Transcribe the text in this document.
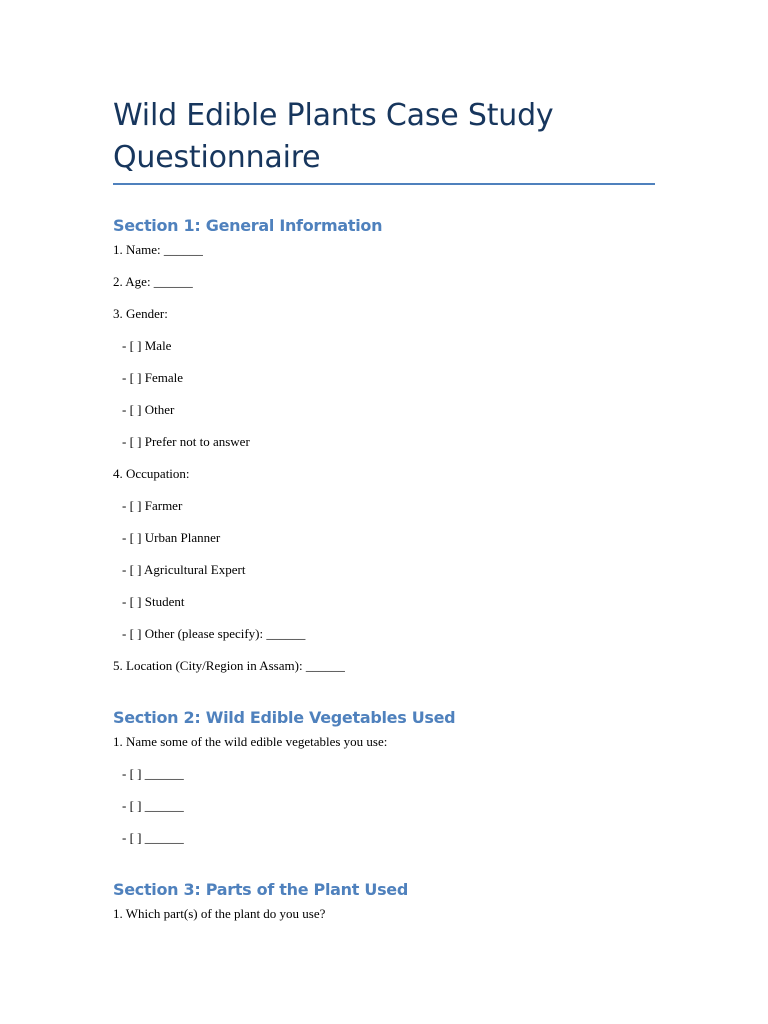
Wild Edible Plants Case Study
Questionnaire
Section 1: General Information
1. Name: ______
2. Age: ______
3. Gender:
- [ ] Male
- [ ] Female
- [ ] Other
- [ ] Prefer not to answer
4. Occupation:
- [ ] Farmer
- [ ] Urban Planner
- [ ] Agricultural Expert
- [ ] Student
- [ ] Other (please specify): ______
5. Location (City/Region in Assam): ______
Section 2: Wild Edible Vegetables Used
1. Name some of the wild edible vegetables you use:
- [ ] ______
- [ ] ______
- [ ] ______
Section 3: Parts of the Plant Used
1. Which part(s) of the plant do you use?
